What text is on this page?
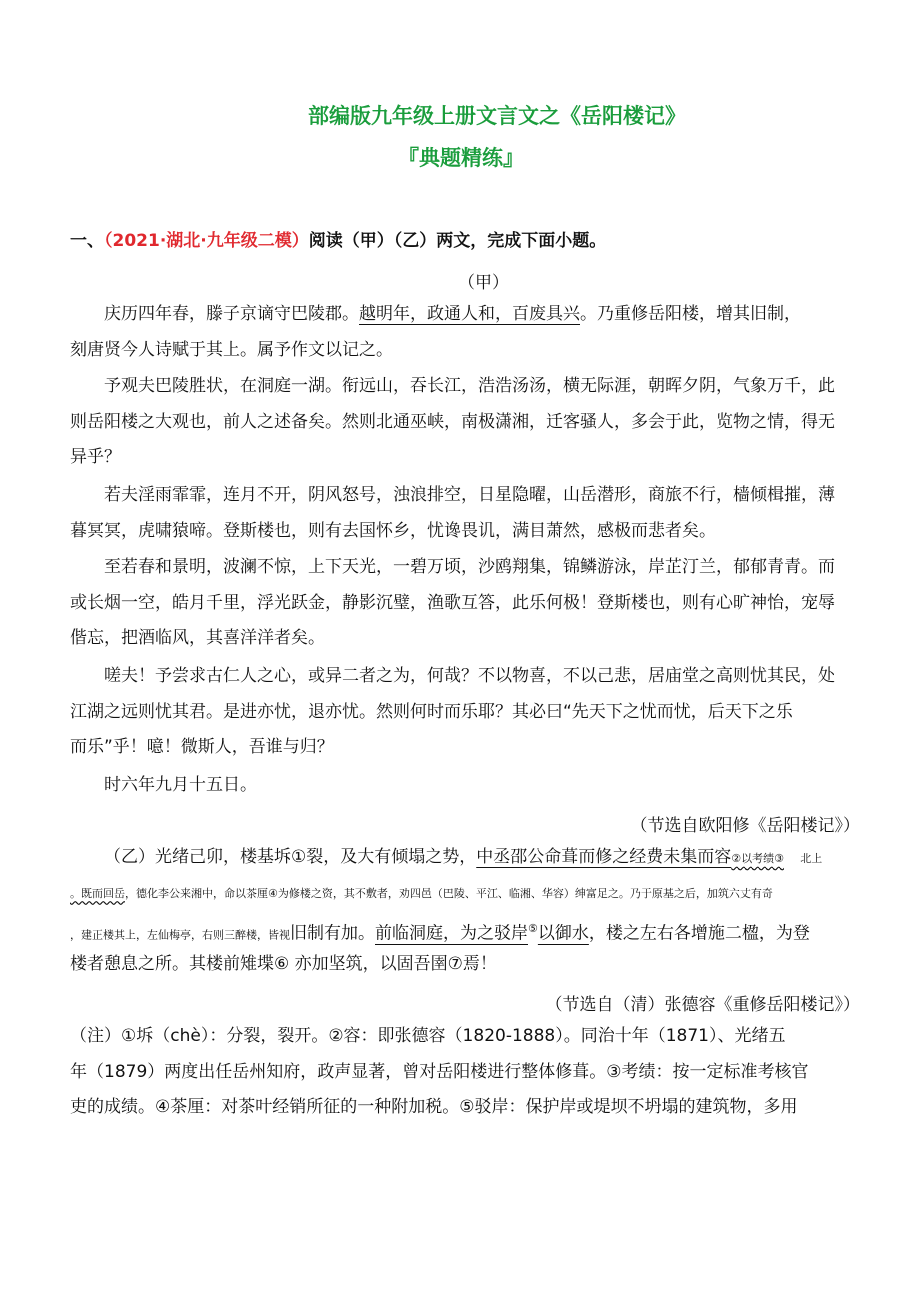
部编版九年级上册文言文之《岳阳楼记》
『典题精练』
一、（2021·湖北·九年级二模）阅读（甲）（乙）两文，完成下面小题。
（甲）
庆历四年春，滕子京谪守巴陵郡。越明年，政通人和，百废具兴。乃重修岳阳楼，增其旧制，
刻唐贤今人诗赋于其上。属予作文以记之。
予观夫巴陵胜状，在洞庭一湖。衔远山，吞长江，浩浩汤汤，横无际涯，朝晖夕阴，气象万千，此
则岳阳楼之大观也，前人之述备矣。然则北通巫峡，南极潇湘，迁客骚人，多会于此，览物之情，得无
异乎？
若夫淫雨霏霏，连月不开，阴风怒号，浊浪排空，日星隐曜，山岳潜形，商旅不行，樯倾楫摧，薄
暮冥冥，虎啸猿啼。登斯楼也，则有去国怀乡，忧谗畏讥，满目萧然，感极而悲者矣。
至若春和景明，波澜不惊，上下天光，一碧万顷，沙鸥翔集，锦鳞游泳，岸芷汀兰，郁郁青青。而
或长烟一空，皓月千里，浮光跃金，静影沉璧，渔歌互答，此乐何极！登斯楼也，则有心旷神怡，宠辱
偕忘，把酒临风，其喜洋洋者矣。
嗟夫！予尝求古仁人之心，或异二者之为，何哉？不以物喜，不以己悲，居庙堂之高则忧其民，处
江湖之远则忧其君。是进亦忧，退亦忧。然则何时而乐耶？其必曰“先天下之忧而忧，后天下之乐
而乐”乎！噫！微斯人，吾谁与归？
时六年九月十五日。
（节选自欧阳修《岳阳楼记》）
（乙）光绪己卯，楼基坼①裂，及大有倾塌之势，中丞邵公命葺而修之经费未集而容②以考绩③ 北上
。既而回岳，德化李公来湘中，命以茶厘④为修楼之资，其不敷者，劝四邑（巴陵、平江、临湘、华容）绅富足之。乃于原基之后，加筑六丈有奇
，建正楼其上，左仙梅亭，右则三醉楼，皆视旧制有加。前临洞庭，为之驳岸⑤以御水，楼之左右各增施二楹，为登
楼者憩息之所。其楼前雉堞⑥ 亦加坚筑，以固吾圉⑦焉！
（节选自（清）张德容《重修岳阳楼记》）
（注）①坼（chè）：分裂，裂开。②容：即张德容（1820-1888）。同治十年（1871）、光绪五
年（1879）两度出任岳州知府，政声显著，曾对岳阳楼进行整体修葺。③考绩：按一定标准考核官
吏的成绩。④茶厘：对茶叶经销所征的一种附加税。⑤驳岸：保护岸或堤坝不坍塌的建筑物，多用
